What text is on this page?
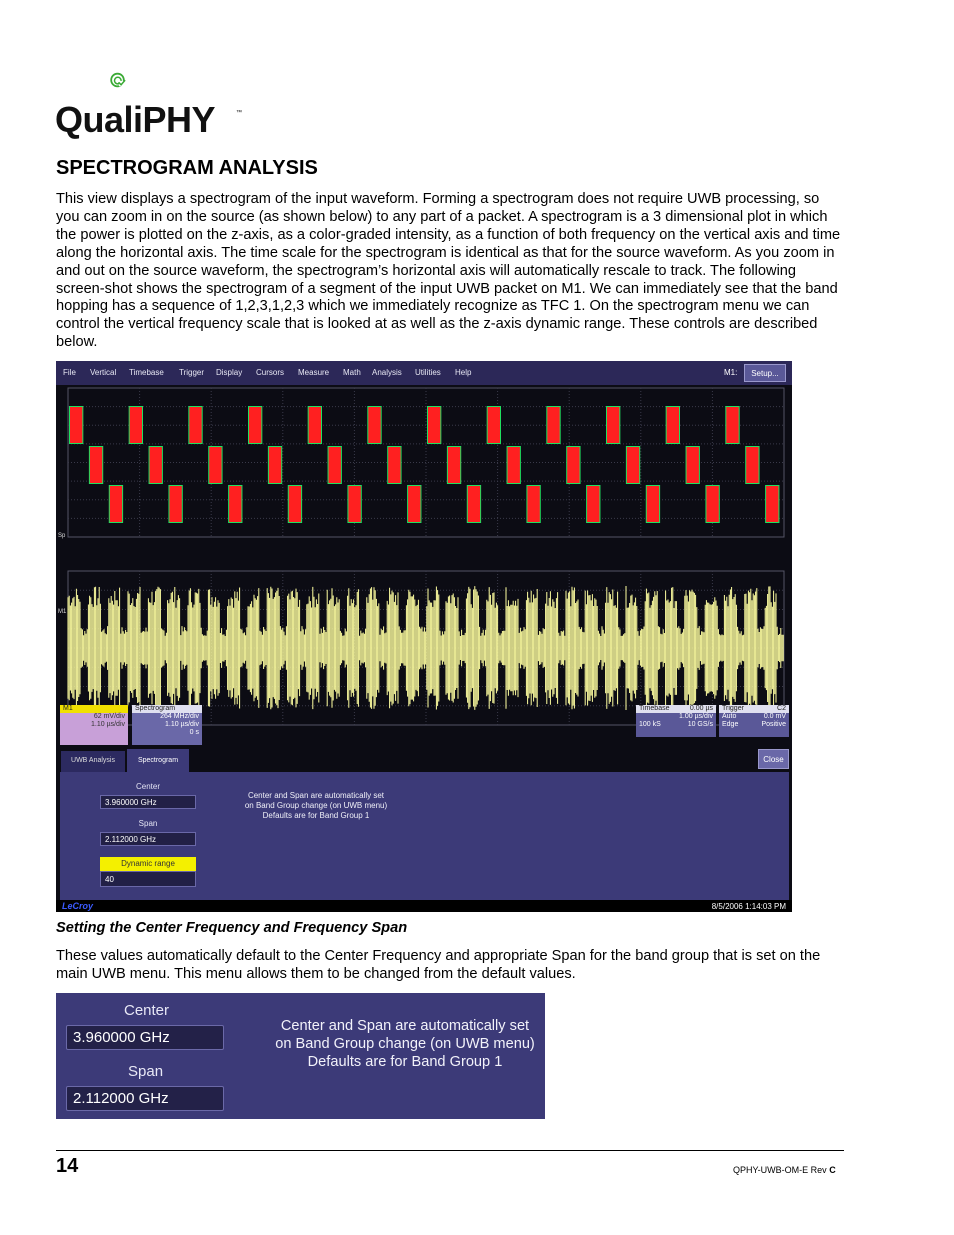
QualiPHY	™
SPECTROGRAM ANALYSIS

This view displays a spectrogram of the input waveform. Forming a spectrogram does not require UWB processing, so you can zoom in on the source (as shown below) to any part of a packet. A spectrogram is a 3 dimensional plot in which the power is plotted on the z-axis, as a color-graded intensity, as a function of both frequency on the vertical axis and time along the horizontal axis. The time scale for the spectrogram is identical as that for the source waveform. As you zoom in and out on the source waveform, the spectrogram’s horizontal axis will automatically rescale to track. The following screen-shot shows the spectrogram of a segment of the input UWB packet on M1. We can immediately see that the band hopping has a sequence of 1,2,3,1,2,3 which we immediately recognize as TFC 1. On the spectrogram menu we can control the vertical frequency scale that is looked at as well as the z-axis dynamic range. These controls are described below.

File Vertical Timebase Trigger Display Cursors Measure Math Analysis Utilities Help	M1:	Setup...
Sp
M1
M1
62 mV/div
1.10 µs/div
Spectrogram
264 MHz/div
1.10 µs/div
0 s
Timebase	0.00 µs
1.00 µs/div
100 kS	10 GS/s
Trigger	C2
Auto	0.0 mV
Edge	Positive
UWB Analysis	Spectrogram	Close
Center
3.960000 GHz
Span
2.112000 GHz
Dynamic range
40
Center and Span are automatically set
on Band Group change (on UWB menu)
Defaults are for Band Group 1
LeCroy	8/5/2006 1:14:03 PM

Setting the Center Frequency and Frequency Span

These values automatically default to the Center Frequency and appropriate Span for the band group that is set on the main UWB menu. This menu allows them to be changed from the default values.

Center
3.960000 GHz
Span
2.112000 GHz
Center and Span are automatically set
on Band Group change (on UWB menu)
Defaults are for Band Group 1
14	QPHY-UWB-OM-E Rev C
